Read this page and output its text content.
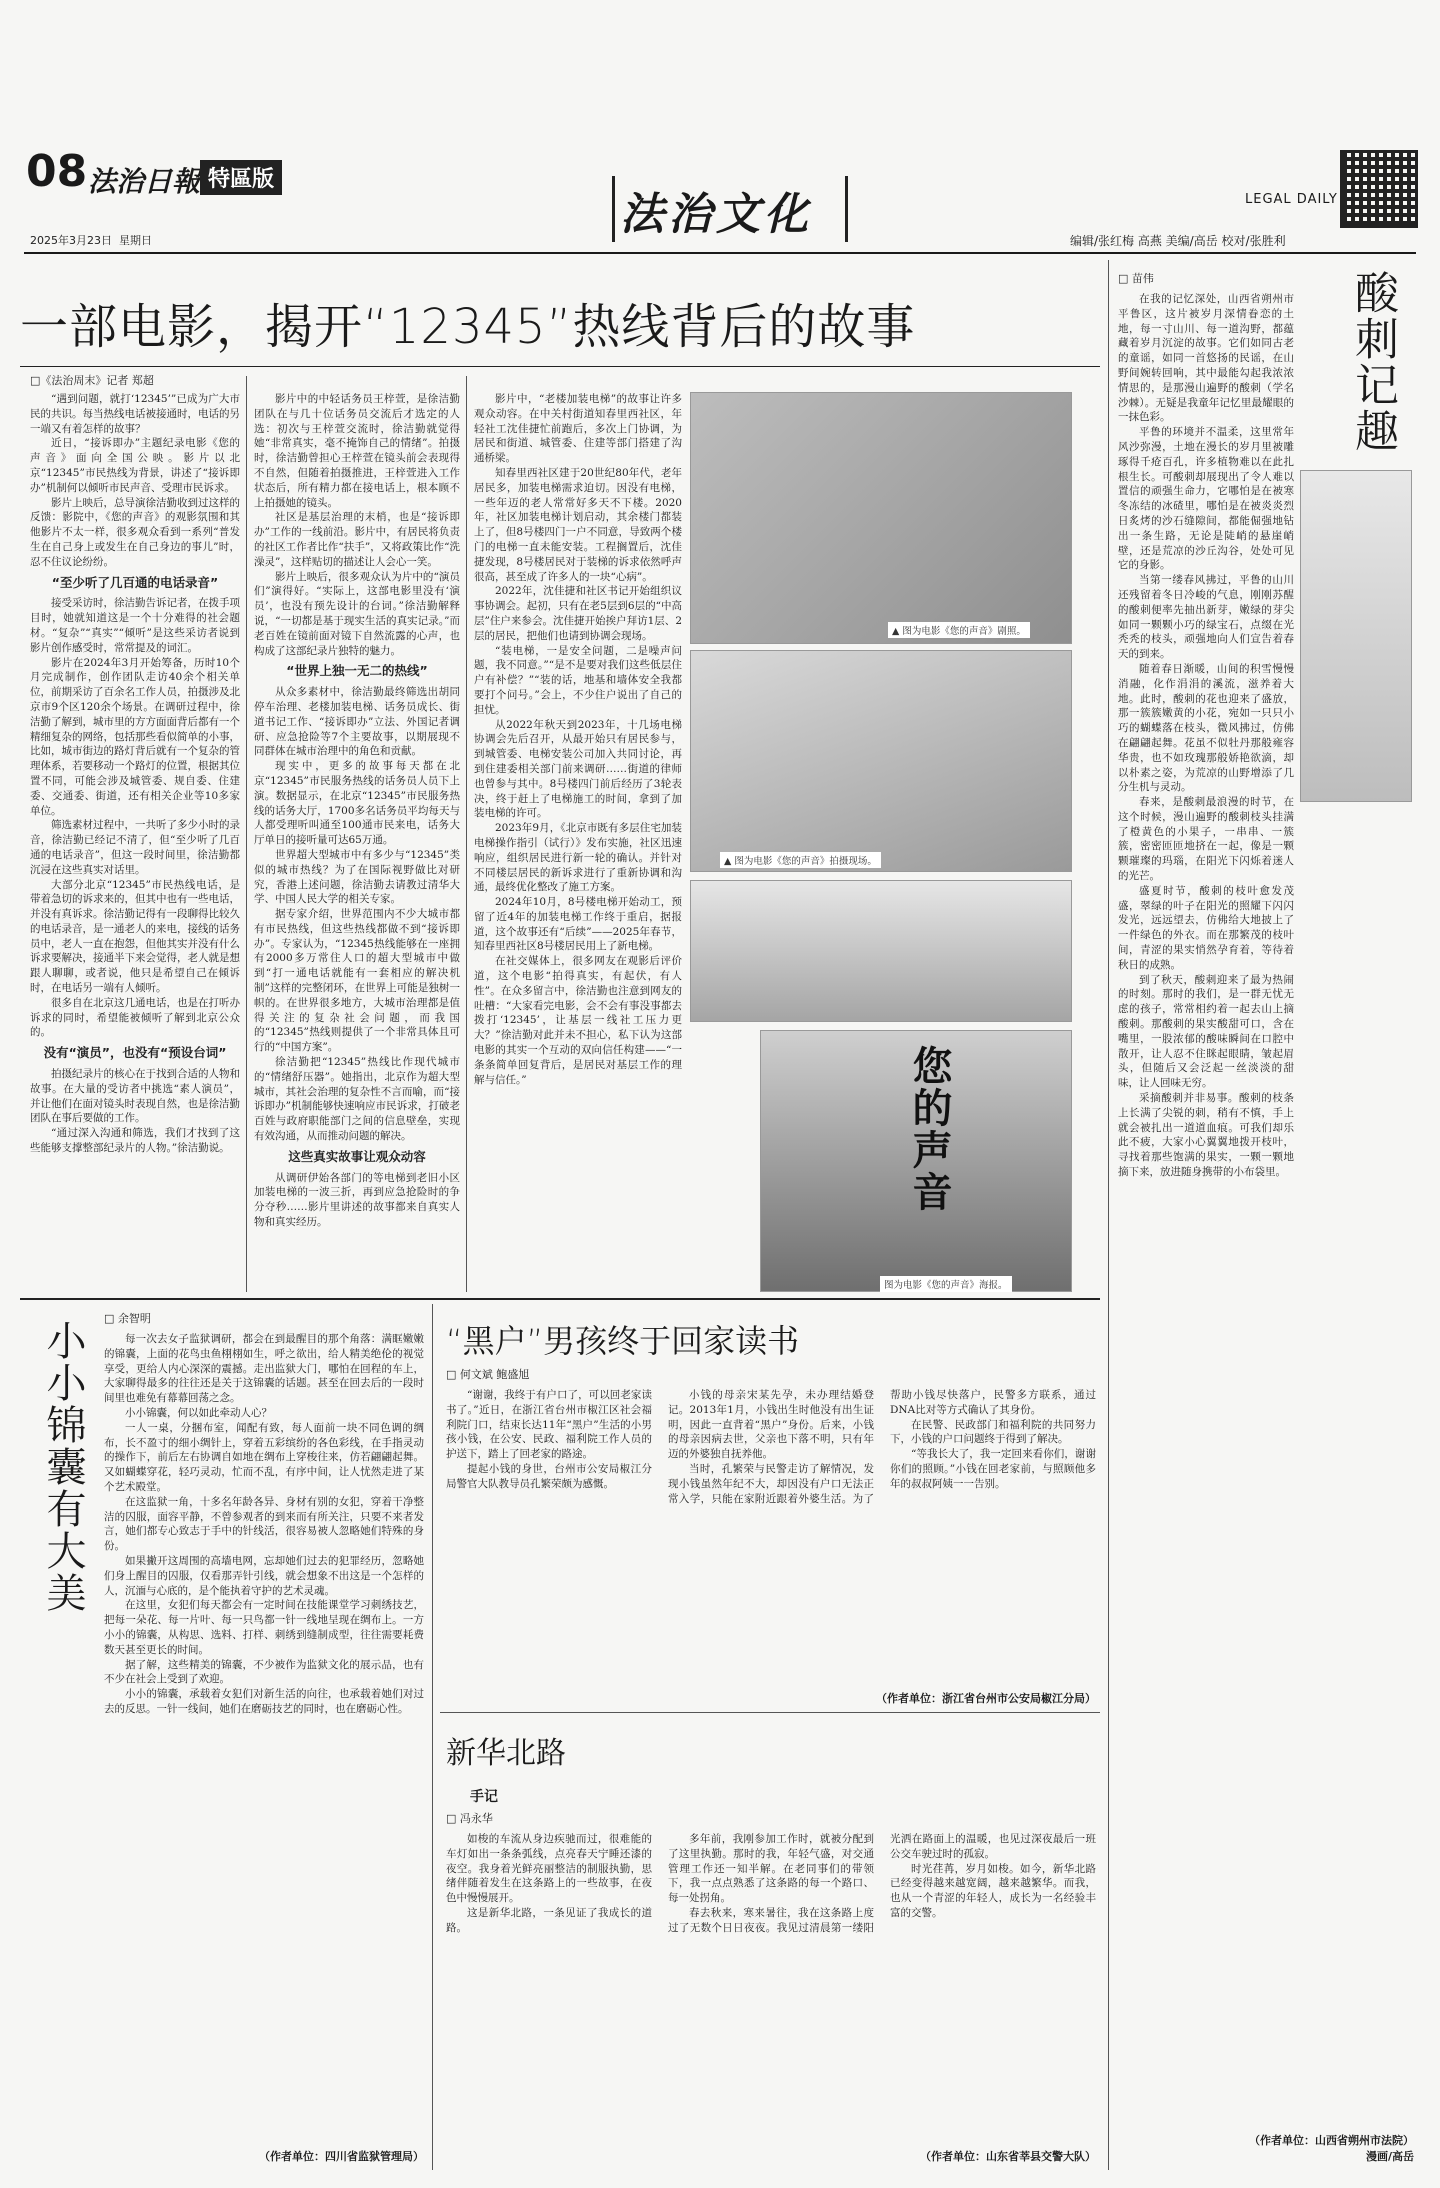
08 法治日報 特區版
2025年3月23日 星期日
法治文化	LEGAL DAILY
编辑/张红梅 高燕 美编/高岳 校对/张胜利
一部电影，揭开“12345”热线背后的故事
□《法治周末》记者 郑超

“遇到问题，就打‘12345’”已成为广大市民的共识。每当热线电话被接通时，电话的另一端又有着怎样的故事？

近日，“接诉即办”主题纪录电影《您的声音》面向全国公映。影片以北京“12345”市民热线为背景，讲述了“接诉即办”机制何以倾听市民声音、受理市民诉求。

影片上映后，总导演徐洁勤收到过这样的反馈：影院中，《您的声音》的观影氛围和其他影片不太一样，很多观众看到一系列“普发生在自己身上或发生在自己身边的事儿”时，忍不住议论纷纷。

“至少听了几百通的电话录音”

接受采访时，徐洁勤告诉记者，在拨手项目时，她就知道这是一个十分难得的社会题材。“复杂”“真实”“倾听”是这些采访者说到影片创作感受时，常常提及的词汇。

影片在2024年3月开始筹备，历时10个月完成制作，创作团队走访40余个相关单位，前期采访了百余名工作人员，拍摄涉及北京市9个区120余个场景。在调研过程中，徐洁勤了解到，城市里的方方面面背后都有一个精细复杂的网络，包括那些看似简单的小事，比如，城市街边的路灯背后就有一个复杂的管理体系，若要移动一个路灯的位置，根据其位置不同，可能会涉及城管委、规自委、住建委、交通委、街道，还有相关企业等10多家单位。

筛选素材过程中，一共听了多少小时的录音，徐洁勤已经记不清了，但“至少听了几百通的电话录音”，但这一段时间里，徐洁勤都沉浸在这些真实对话里。

大部分北京“12345”市民热线电话，是带着急切的诉求来的，但其中也有一些电话，并没有真诉求。徐洁勤记得有一段聊得比较久的电话录音，是一通老人的来电，接线的话务员中，老人一直在抱怨，但他其实并没有什么诉求要解决，接通半下来会觉得，老人就是想跟人聊聊，或者说，他只是希望自己在倾诉时，在电话另一端有人倾听。

很多自在北京这几通电话，也是在打听办诉求的同时，希望能被倾听了解到北京公众的。

没有“演员”，也没有“预设台词”

拍摄纪录片的核心在于找到合适的人物和故事。在大量的受访者中挑选“素人演员”，并让他们在面对镜头时表现自然，也是徐洁勤团队在事后要做的工作。

“通过深入沟通和筛选，我们才找到了这些能够支撑整部纪录片的人物。”徐洁勤说。

影片中的中轻话务员王梓萱，是徐洁勤团队在与几十位话务员交流后才选定的人选：初次与王梓萱交流时，徐洁勤就觉得她“非常真实，毫不掩饰自己的情绪”。拍摄时，徐洁勤曾担心王梓萱在镜头前会表现得不自然，但随着拍摄推进，王梓萱进入工作状态后，所有精力都在接电话上，根本顾不上拍摄她的镜头。

社区是基层治理的末梢，也是“接诉即办”工作的一线前沿。影片中，有居民将负责的社区工作者比作“扶手”，又将政策比作“洗澡灵”，这样贴切的描述让人会心一笑。

影片上映后，很多观众认为片中的“演员们”演得好。“实际上，这部电影里没有‘演员’，也没有预先设计的台词。”徐洁勤解释说，“一切都是基于现实生活的真实记录。”而老百姓在镜前面对镜下自然流露的心声，也构成了这部纪录片独特的魅力。

“世界上独一无二的热线”

从众多素材中，徐洁勤最终筛选出胡同停车治理、老楼加装电梯、话务员成长、街道书记工作、“接诉即办”立法、外国记者调研、应急抢险等7个主要故事，以期展现不同群体在城市治理中的角色和贡献。

现实中，更多的故事每天都在北京“12345”市民服务热线的话务员人员下上演。数据显示，在北京“12345”市民服务热线的话务大厅，1700多名话务员平均每天与人都受理听叫通至100通市民来电，话务大厅单日的接听量可达65万通。

世界超大型城市中有多少与“12345”类似的城市热线？为了在国际视野做比对研究，香港上述问题，徐洁勤去请教过清华大学、中国人民大学的相关专家。

据专家介绍，世界范围内不少大城市都有市民热线，但这些热线都做不到“接诉即办”。专家认为，“12345热线能够在一座拥有2000多万常住人口的超大型城市中做到“打一通电话就能有一套相应的解决机制”这样的完整闭环，在世界上可能是独树一帜的。在世界很多地方，大城市治理都是值得关注的复杂社会问题，而我国的“12345”热线则提供了一个非常具体且可行的“中国方案”。

徐洁勤把“12345”热线比作现代城市的“情绪舒压器”。她指出，北京作为超大型城市，其社会治理的复杂性不言而喻，而“接诉即办”机制能够快速响应市民诉求，打破老百姓与政府职能部门之间的信息壁垒，实现有效沟通，从而推动问题的解决。

这些真实故事让观众动容

从调研伊始各部门的等电梯到老旧小区加装电梯的一波三折，再到应急抢险时的争分夺秒……影片里讲述的故事都来自真实人物和真实经历。

影片中，“老楼加装电梯”的故事让许多观众动容。在中关村街道知春里西社区，年轻社工沈佳捷忙前跑后，多次上门协调，为居民和街道、城管委、住建等部门搭建了沟通桥梁。

知春里西社区建于20世纪80年代，老年居民多，加装电梯需求迫切。因没有电梯，一些年迈的老人常常好多天不下楼。2020年，社区加装电梯计划启动，其余楼门都装上了，但8号楼四门一户不同意，导致两个楼门的电梯一直未能安装。工程搁置后，沈佳捷发现，8号楼居民对于装梯的诉求依然呼声很高，甚至成了许多人的一块“心病”。

2022年，沈佳捷和社区书记开始组织议事协调会。起初，只有在老5层到6层的“中高层”住户来参会。沈佳捷开始挨户拜访1层、2层的居民，把他们也请到协调会现场。

“装电梯，一是安全问题，二是噪声问题，我不同意。”“是不是要对我们这些低层住户有补偿？”“装的话，地基和墙体安全我都要打个问号。”会上，不少住户说出了自己的担忧。

从2022年秋天到2023年，十几场电梯协调会先后召开，从最开始只有居民参与，到城管委、电梯安装公司加入共同讨论，再到住建委相关部门前来调研……街道的律师也曾参与其中。8号楼四门前后经历了3轮表决，终于赶上了电梯施工的时间，拿到了加装电梯的许可。

2023年9月，《北京市既有多层住宅加装电梯操作指引（试行）》发布实施，社区迅速响应，组织居民进行新一轮的确认。并针对不同楼层居民的新诉求进行了重新协调和沟通，最终优化整改了施工方案。

2024年10月，8号楼电梯开始动工，预留了近4年的加装电梯工作终于重启，据报道，这个故事还有“后续”——2025年春节，知春里西社区8号楼居民用上了新电梯。

在社交媒体上，很多网友在观影后评价道，这个电影“拍得真实，有起伏，有人性”。在众多留言中，徐洁勤也注意到网友的吐槽：“大家看完电影，会不会有事没事都去拨打‘12345’，让基层一线社工压力更大？”徐洁勤对此并未不担心，私下认为这部电影的其实一个互动的双向信任构建——“一条条简单回复背后，是居民对基层工作的理解与信任。”

▲ 图为电影《您的声音》剧照。
▲ 图为电影《您的声音》拍摄现场。
您的声音
图为电影《您的声音》海报。
□ 苗伟	酸刺记趣

在我的记忆深处，山西省朔州市平鲁区，这片被岁月深情眷恋的土地，每一寸山川、每一道沟野，都蕴藏着岁月沉淀的故事。它们如同古老的童谣，如同一首悠扬的民谣，在山野间婉转回响，其中最能勾起我浓浓情思的，是那漫山遍野的酸刺（学名沙棘）。无疑是我童年记忆里最耀眼的一抹色彩。

平鲁的环境并不温柔，这里常年风沙弥漫，土地在漫长的岁月里被雕琢得千疮百孔，许多植物难以在此扎根生长。可酸刺却展现出了令人难以置信的顽强生命力，它哪怕是在被寒冬冻结的冰碴里，哪怕是在被炎炎烈日炙烤的沙石缝隙间，都能倔强地钻出一条生路，无论是陡峭的悬崖峭壁，还是荒凉的沙丘沟谷，处处可见它的身影。

当第一缕春风拂过，平鲁的山川还残留着冬日冷峻的气息，刚刚苏醒的酸刺便率先抽出新芽，嫩绿的芽尖如同一颗颗小巧的绿宝石，点缀在光秃秃的枝头，顽强地向人们宣告着春天的到来。

随着春日渐暖，山间的积雪慢慢消融，化作涓涓的溪流，滋养着大地。此时，酸刺的花也迎来了盛放，那一簇簇嫩黄的小花，宛如一只只小巧的蝴蝶落在枝头，微风拂过，仿佛在翩翩起舞。花虽不似牡丹那般雍容华贵，也不如玫瑰那般娇艳欲滴，却以朴素之姿，为荒凉的山野增添了几分生机与灵动。

春来，是酸刺最浪漫的时节，在这个时候，漫山遍野的酸刺枝头挂满了橙黄色的小果子，一串串、一簇簇，密密匝匝地挤在一起，像是一颗颗璀璨的玛瑙，在阳光下闪烁着迷人的光芒。

盛夏时节，酸刺的枝叶愈发茂盛，翠绿的叶子在阳光的照耀下闪闪发光，远远望去，仿佛给大地披上了一件绿色的外衣。而在那繁茂的枝叶间，青涩的果实悄然孕育着，等待着秋日的成熟。

到了秋天，酸刺迎来了最为热闹的时刻。那时的我们，是一群无忧无虑的孩子，常常相约着一起去山上摘酸刺。那酸刺的果实酸甜可口，含在嘴里，一股浓郁的酸味瞬间在口腔中散开，让人忍不住眯起眼睛，皱起眉头，但随后又会泛起一丝淡淡的甜味，让人回味无穷。

采摘酸刺并非易事。酸刺的枝条上长满了尖锐的刺，稍有不慎，手上就会被扎出一道道血痕。可我们却乐此不疲，大家小心翼翼地拨开枝叶，寻找着那些饱满的果实，一颗一颗地摘下来，放进随身携带的小布袋里。

（作者单位：山西省朔州市法院）
漫画/高岳
小小锦囊有大美
□ 余智明

每一次去女子监狱调研，都会在到最醒目的那个角落：满眶嫩嫩的锦囊，上面的花鸟虫鱼栩栩如生，呼之欲出，给人精美绝伦的视觉享受，更给人内心深深的震撼。走出监狱大门，哪怕在回程的车上，大家聊得最多的往往还是关于这锦囊的话题。甚至在回去后的一段时间里也难免有幕幕回荡之念。

小小锦囊，何以如此牵动人心？

一人一桌，分捆布室，闻配有致，每人面前一块不同色调的绸布，长不盈寸的细小绸针上，穿着五彩缤纷的各色彩线，在手指灵动的操作下，前后左右协调自如地在绸布上穿梭往来，仿若翩翩起舞。又如蝴蝶穿花，轻巧灵动，忙而不乱，有序中间，让人忧然走进了某个艺术殿堂。

在这监狱一角，十多名年龄各异、身材有别的女犯，穿着干净整洁的囚服，面容平静，不曾参观者的到来而有所关注，只要不来者发言，她们都专心致志于手中的针线活，很容易被人忽略她们特殊的身份。

如果撇开这周围的高墙电网，忘却她们过去的犯罪经历，忽略她们身上醒目的囚服，仅看那弄针引线，就会想象不出这是一个怎样的人，沉湎与心底的，是个能执着守护的艺术灵魂。

在这里，女犯们每天都会有一定时间在技能课堂学习刺绣技艺，把每一朵花、每一片叶、每一只鸟都一针一线地呈现在绸布上。一方小小的锦囊，从构思、选料、打样、刺绣到缝制成型，往往需要耗费数天甚至更长的时间。

据了解，这些精美的锦囊，不少被作为监狱文化的展示品，也有不少在社会上受到了欢迎。

小小的锦囊，承载着女犯们对新生活的向往，也承载着她们对过去的反思。一针一线间，她们在磨砺技艺的同时，也在磨砺心性。

（作者单位：四川省监狱管理局）
“黑户”男孩终于回家读书
□ 何文斌 鲍盛旭

“谢谢，我终于有户口了，可以回老家读书了。”近日，在浙江省台州市椒江区社会福利院门口，结束长达11年“黑户”生活的小男孩小钱，在公安、民政、福利院工作人员的护送下，踏上了回老家的路途。

提起小钱的身世，台州市公安局椒江分局警官大队教导员孔繁荣颇为感慨。

小钱的母亲宋某先孕，未办理结婚登记。2013年1月，小钱出生时他没有出生证明，因此一直背着“黑户”身份。后来，小钱的母亲因病去世，父亲也下落不明，只有年迈的外婆独自抚养他。

当时，孔繁荣与民警走访了解情况，发现小钱虽然年纪不大，却因没有户口无法正常入学，只能在家附近跟着外婆生活。为了帮助小钱尽快落户，民警多方联系，通过DNA比对等方式确认了其身份。

在民警、民政部门和福利院的共同努力下，小钱的户口问题终于得到了解决。

“等我长大了，我一定回来看你们，谢谢你们的照顾。”小钱在回老家前，与照顾他多年的叔叔阿姨一一告别。

（作者单位：浙江省台州市公安局椒江分局）
新华北路
手记
□ 冯永华

如梭的车流从身边疾驰而过，很难能的车灯如出一条条弧线，点亮春天宁睡还漆的夜空。我身着光鲜亮丽整洁的制服执勤，思绪伴随着发生在这条路上的一些故事，在夜色中慢慢展开。

这是新华北路，一条见证了我成长的道路。

多年前，我刚参加工作时，就被分配到了这里执勤。那时的我，年轻气盛，对交通管理工作还一知半解。在老同事们的带领下，我一点点熟悉了这条路的每一个路口、每一处拐角。

春去秋来，寒来暑往，我在这条路上度过了无数个日日夜夜。我见过清晨第一缕阳光洒在路面上的温暖，也见过深夜最后一班公交车驶过时的孤寂。

时光荏苒，岁月如梭。如今，新华北路已经变得越来越宽阔，越来越繁华。而我，也从一个青涩的年轻人，成长为一名经验丰富的交警。

（作者单位：山东省莘县交警大队）
